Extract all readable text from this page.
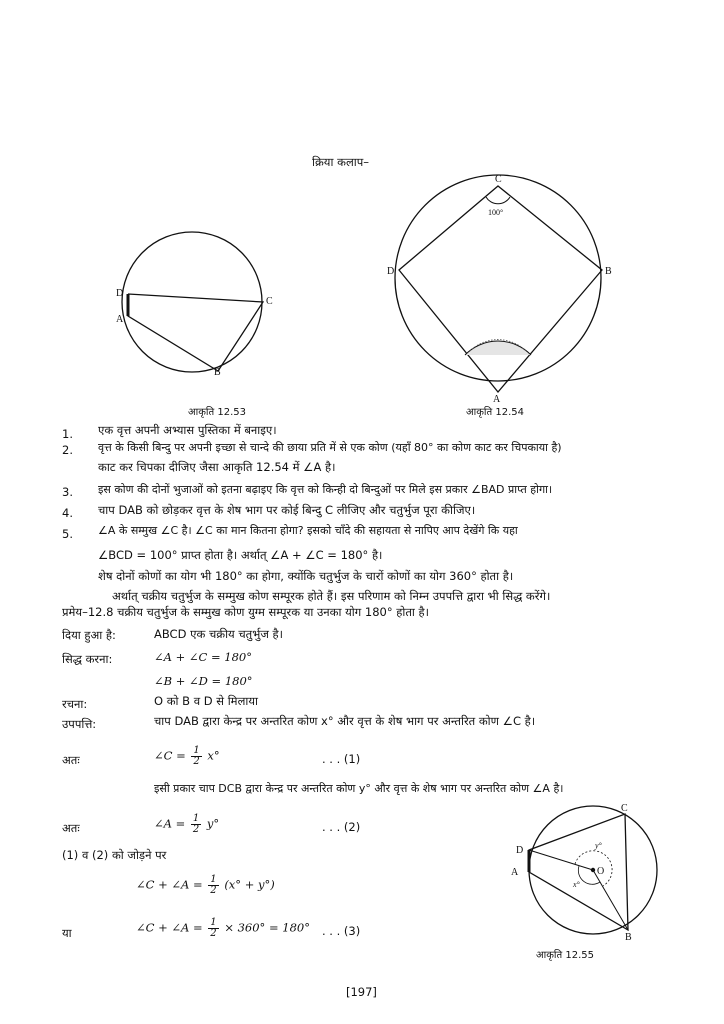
क्रिया कलाप–
D
A
C
B
आकृति 12.53
C
B
D
A
100°
आकृति 12.54
1. एक वृत्त अपनी अभ्यास पुस्तिका में बनाइए।
2. वृत्त के किसी बिन्दु पर अपनी इच्छा से चान्दे की छाया प्रति में से एक कोण (यहाँ 80° का कोण काट कर चिपकाया है)
काट कर चिपका दीजिए जैसा आकृति 12.54 में ∠A है।
3. इस कोण की दोनों भुजाओं को इतना बढ़ाइए कि वृत्त को किन्ही दो बिन्दुओं पर मिले इस प्रकार ∠BAD प्राप्त होगा।
4. चाप DAB को छोड़कर वृत्त के शेष भाग पर कोई बिन्दु C लीजिए और चतुर्भुज पूरा कीजिए।
5. ∠A के सम्मुख ∠C है। ∠C का मान कितना होगा? इसको चाँदे की सहायता से नापिए आप देखेंगे कि यहा
∠BCD = 100° प्राप्त होता है। अर्थात् ∠A + ∠C = 180° है।
शेष दोनों कोणों का योग भी 180° का होगा, क्योंकि चतुर्भुज के चारों कोणों का योग 360° होता है।
अर्थात् चक्रीय चतुर्भुज के सम्मुख कोण सम्पूरक होते हैं। इस परिणाम को निम्न उपपत्ति द्वारा भी सिद्ध करेंगे।
प्रमेय–12.8 चक्रीय चतुर्भुज के सम्मुख कोण युग्म सम्पूरक या उनका योग 180° होता है।
दिया हुआ है:	ABCD एक चक्रीय चतुर्भुज है।
सिद्ध करना:	∠A + ∠C = 180°
∠B + ∠D = 180°
रचना:	O को B व D से मिलाया
उपपत्ति:	चाप DAB द्वारा केन्द्र पर अन्तरित कोण x° और वृत्त के शेष भाग पर अन्तरित कोण ∠C है।
अतः	∠C = $\frac{1}{2} x^\circ$	. . . (1)
इसी प्रकार चाप DCB द्वारा केन्द्र पर अन्तरित कोण y° और वृत्त के शेष भाग पर अन्तरित कोण ∠A है।
अतः	∠A = $\frac{1}{2} y^\circ$	. . . (2)
(1) व (2) को जोड़ने पर
∠C + ∠A = $\frac{1}{2} (x^\circ + y^\circ)$
या	∠C + ∠A = $\frac{1}{2} \times 360^\circ = 180^\circ$ . . . (3)
D
A
C
B
O
x°
y°
आकृति 12.55
[197]
